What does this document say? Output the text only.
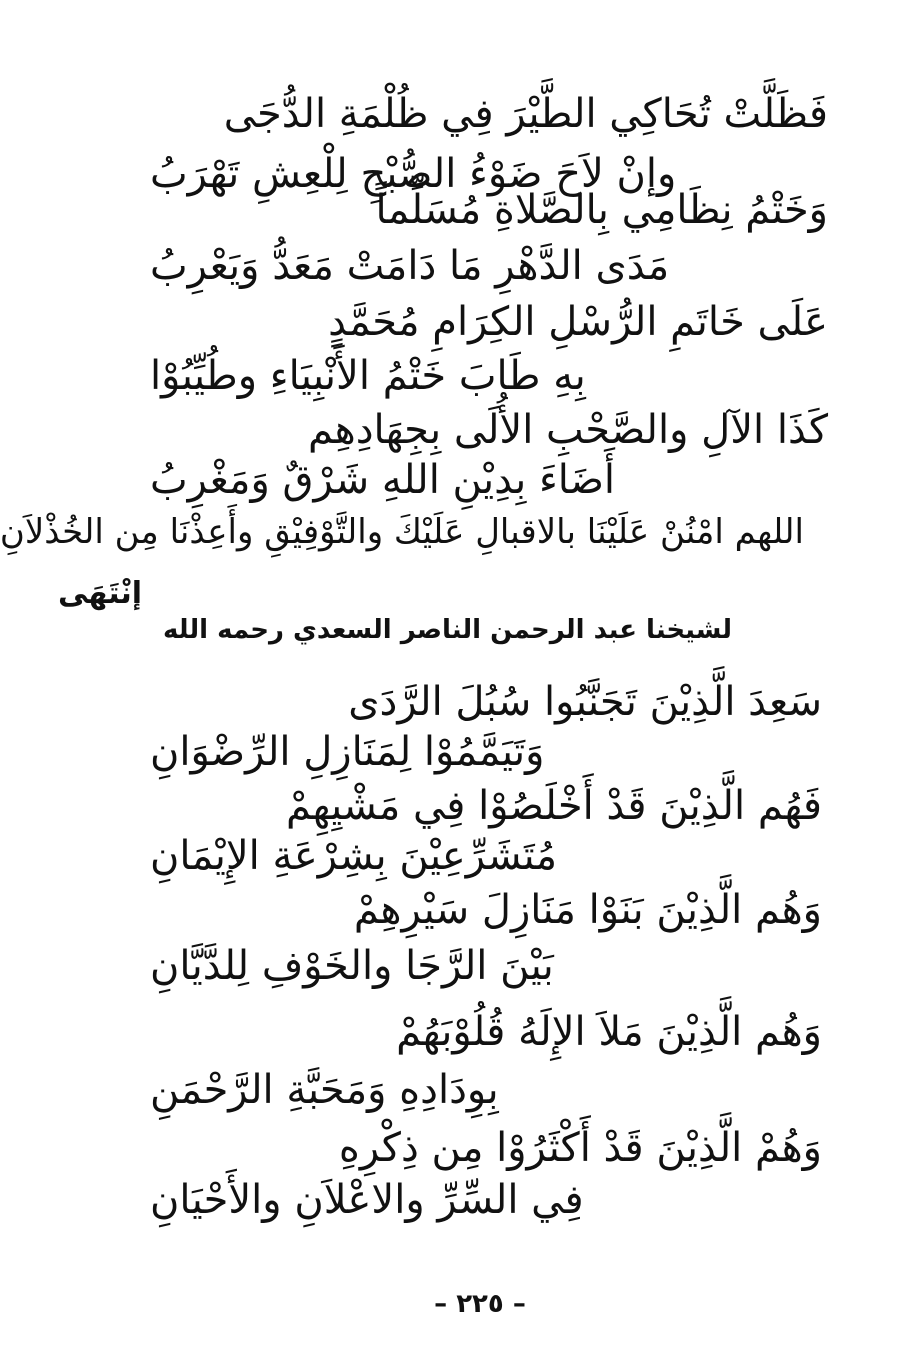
فَظَلَّتْ تُحَاكِي الطَّيْرَ فِي ظُلْمَةِ الدُّجَى
وإنْ لاَحَ ضَوْءُ الصُّبْحِ لِلْعِشِ تَهْرَبُ
وَخَتْمُ نِظَامِي بِالصَّلاةِ مُسَلِّماً
مَدَى الدَّهْرِ مَا دَامَتْ مَعَدُّ وَيَعْرِبُ
عَلَى خَاتَمِ الرُّسْلِ الكِرَامِ مُحَمَّدٍ
بِهِ طَابَ خَتْمُ الأَنْبِيَاءِ وطُيِّبُوْا
كَذَا الآلِ والصَّحْبِ الأُلَى بِجِهَادِهِم
أَضَاءَ بِدِيْنِ اللهِ شَرْقٌ وَمَغْرِبُ
اللهم امْنُنْ عَلَيْنَا بالاقبالِ عَلَيْكَ والتَّوْفِيْقِ وأَعِذْنَا مِن الخُذْلاَنِ
إنْتَهَى
لشيخنا عبد الرحمن الناصر السعدي رحمه الله
سَعِدَ الَّذِيْنَ تَجَنَّبُوا سُبُلَ الرَّدَى
وَتَيَمَّمُوْا لِمَنَازِلِ الرِّضْوَانِ
فَهُم الَّذِيْنَ قَدْ أَخْلَصُوْا فِي مَشْيِهِمْ
مُتَشَرِّعِيْنَ بِشِرْعَةِ الإِيْمَانِ
وَهُم الَّذِيْنَ بَنَوْا مَنَازِلَ سَيْرِهِمْ
بَيْنَ الرَّجَا والخَوْفِ لِلدَّيَّانِ
وَهُم الَّذِيْنَ مَلاَ الإِلَهُ قُلُوْبَهُمْ
بِوِدَادِهِ وَمَحَبَّةِ الرَّحْمَنِ
وَهُمْ الَّذِيْنَ قَدْ أَكْثَرُوْا مِن ذِكْرِهِ
فِي السِّرِّ والاعْلاَنِ والأَحْيَانِ
– ٢٢٥ –
